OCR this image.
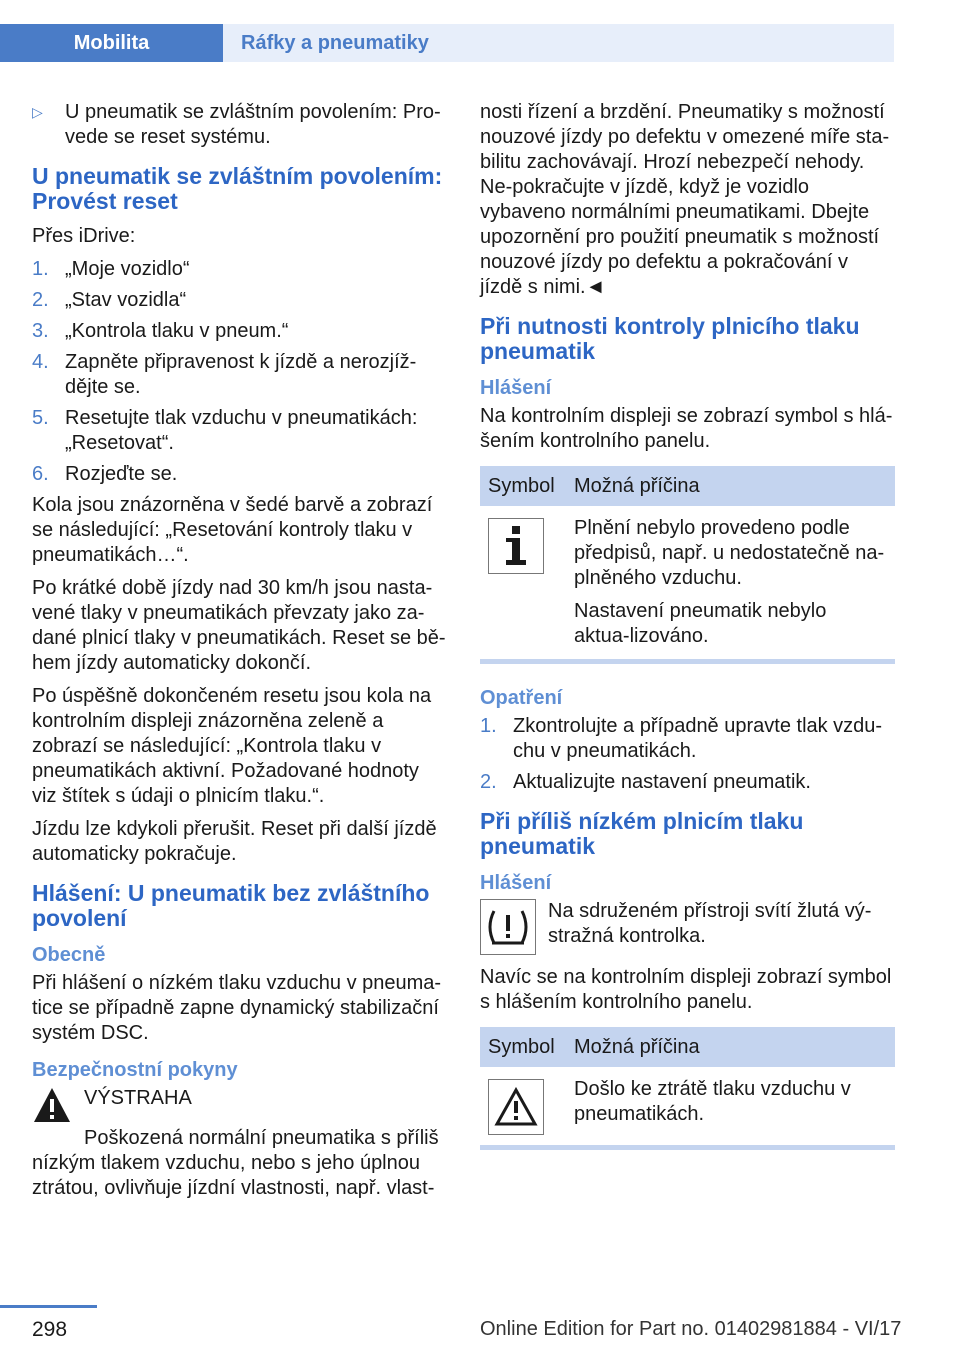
Mobilita	Ráfky a pneumatiky
▷	U pneumatik se zvláštním povolením: Pro‐vede se reset systému.
U pneumatik se zvláštním povolením: Provést reset

Přes iDrive:

1. „Moje vozidlo“
2. „Stav vozidla“
3. „Kontrola tlaku v pneum.“
4. Zapněte připravenost k jízdě a nerozjíž‐dějte se.
5. Resetujte tlak vzduchu v pneumatikách: „Resetovat“.
6. Rozjeďte se.

Kola jsou znázorněna v šedé barvě a zobrazí se následující: „Resetování kontroly tlaku v pneumatikách…“.

Po krátké době jízdy nad 30 km/h jsou nasta‐vené tlaky v pneumatikách převzaty jako za‐dané plnicí tlaky v pneumatikách. Reset se bě‐hem jízdy automaticky dokončí.

Po úspěšně dokončeném resetu jsou kola na kontrolním displeji znázorněna zeleně a zobrazí se následující: „Kontrola tlaku v pneumatikách aktivní. Požadované hodnoty viz štítek s údaji o plnicím tlaku.“.

Jízdu lze kdykoli přerušit. Reset při další jízdě automaticky pokračuje.

Hlášení: U pneumatik bez zvláštního povolení
Obecně

Při hlášení o nízkém tlaku vzduchu v pneuma‐tice se případně zapne dynamický stabilizační systém DSC.

Bezpečnostní pokyny
VÝSTRAHA

Poškozená normální pneumatika s příliš nízkým tlakem vzduchu, nebo s jeho úplnou ztrátou, ovlivňuje jízdní vlastnosti, např. vlast‐

nosti řízení a brzdění. Pneumatiky s možností nouzové jízdy po defektu v omezené míře sta‐bilitu zachovávají. Hrozí nebezpečí nehody. Ne‐pokračujte v jízdě, když je vozidlo vybaveno normálními pneumatikami. Dbejte upozornění pro použití pneumatik s možností nouzové jízdy po defektu a pokračování v jízdě s nimi.◄

Při nutnosti kontroly plnicího tlaku pneumatik
Hlášení

Na kontrolním displeji se zobrazí symbol s hlá‐šením kontrolního panelu.

Symbol	Možná příčina

Plnění nebylo provedeno podle předpisů, např. u nedostatečně na‐plněného vzduchu.

Nastavení pneumatik nebylo aktua‐lizováno.

Opatření
1. Zkontrolujte a případně upravte tlak vzdu‐chu v pneumatikách.
2. Aktualizujte nastavení pneumatik.
Při příliš nízkém plnicím tlaku pneumatik
Hlášení
Na sdruženém přístroji svítí žlutá vý‐stražná kontrolka.

Navíc se na kontrolním displeji zobrazí symbol s hlášením kontrolního panelu.

Symbol	Možná příčina

Došlo ke ztrátě tlaku vzduchu v pneumatikách.

298	Online Edition for Part no. 01402981884 - VI/17
